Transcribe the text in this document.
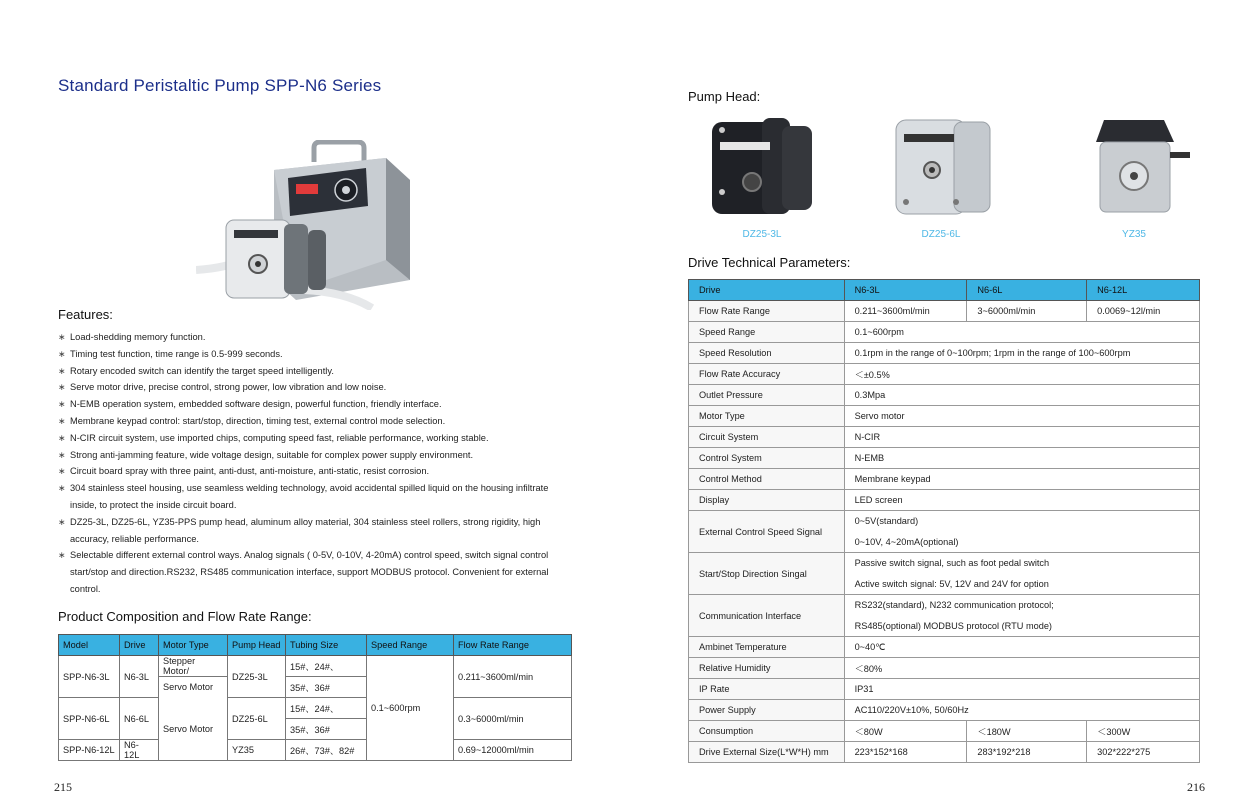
Standard Peristaltic Pump SPP-N6 Series
Features:
∗ Load-shedding memory function.
∗ Timing test function, time range is 0.5-999 seconds.
∗ Rotary encoded switch can identify the target speed intelligently.
∗ Serve motor drive, precise control, strong power, low vibration and low noise.
∗ N-EMB operation system, embedded software design, powerful function, friendly interface.
∗ Membrane keypad control: start/stop, direction, timing test, external control mode selection.
∗ N-CIR circuit system, use imported chips, computing speed fast, reliable performance, working stable.
∗ Strong anti-jamming feature, wide voltage design, suitable for complex power supply environment.
∗ Circuit board spray with three paint, anti-dust, anti-moisture, anti-static, resist corrosion.
∗ 304 stainless steel housing, use seamless welding technology, avoid accidental spilled liquid on the housing infiltrate inside, to protect the inside circuit board.
∗ DZ25-3L, DZ25-6L, YZ35-PPS pump head, aluminum alloy material, 304 stainless steel rollers, strong rigidity, high accuracy, reliable performance.
∗ Selectable different external control ways. Analog signals ( 0-5V, 0-10V, 4-20mA) control speed, switch signal control start/stop and direction.RS232, RS485 communication interface, support MODBUS protocol. Convenient for external control.
Product Composition and Flow Rate Range:
Model	Drive	Motor Type	Pump Head	Tubing Size	Speed Range	Flow Rate Range
SPP-N6-3L	N6-3L	Stepper Motor/	DZ25-3L	15#、24#、	0.1~600rpm	0.211~3600ml/min
		Servo Motor		35#、36#		
SPP-N6-6L	N6-6L		DZ25-6L	15#、24#、		0.3~6000ml/min
		Servo Motor		35#、36#		
SPP-N6-12L	N6-12L		YZ35	26#、73#、82#		0.69~12000ml/min

215
Pump Head:
DZ25-3L	DZ25-6L	YZ35
Drive Technical Parameters:
Drive	N6-3L	N6-6L	N6-12L
Flow Rate Range	0.211~3600ml/min	3~6000ml/min	0.0069~12l/min
Speed Range	0.1~600rpm		
Speed Resolution	0.1rpm in the range of 0~100rpm; 1rpm in the range of 100~600rpm		
Flow Rate Accuracy	＜±0.5%		
Outlet Pressure	0.3Mpa		
Motor Type	Servo motor		
Circuit System	N-CIR		
Control System	N-EMB		
Control Method	Membrane keypad		
Display	LED screen		
External Control Speed Signal	0~5V(standard)
0~10V, 4~20mA(optional)		

Start/Stop Direction Singal	Passive switch signal, such as foot pedal switch
Active switch signal: 5V, 12V and 24V for option		

Communication Interface	RS232(standard), N232 communication protocol;
RS485(optional) MODBUS protocol (RTU mode)		

Ambinet Temperature	0~40℃		
Relative Humidity	＜80%		
IP Rate	IP31		
Power Supply	AC110/220V±10%, 50/60Hz		
Consumption	＜80W	＜180W	＜300W
Drive External Size(L*W*H) mm	223*152*168	283*192*218	302*222*275
216
